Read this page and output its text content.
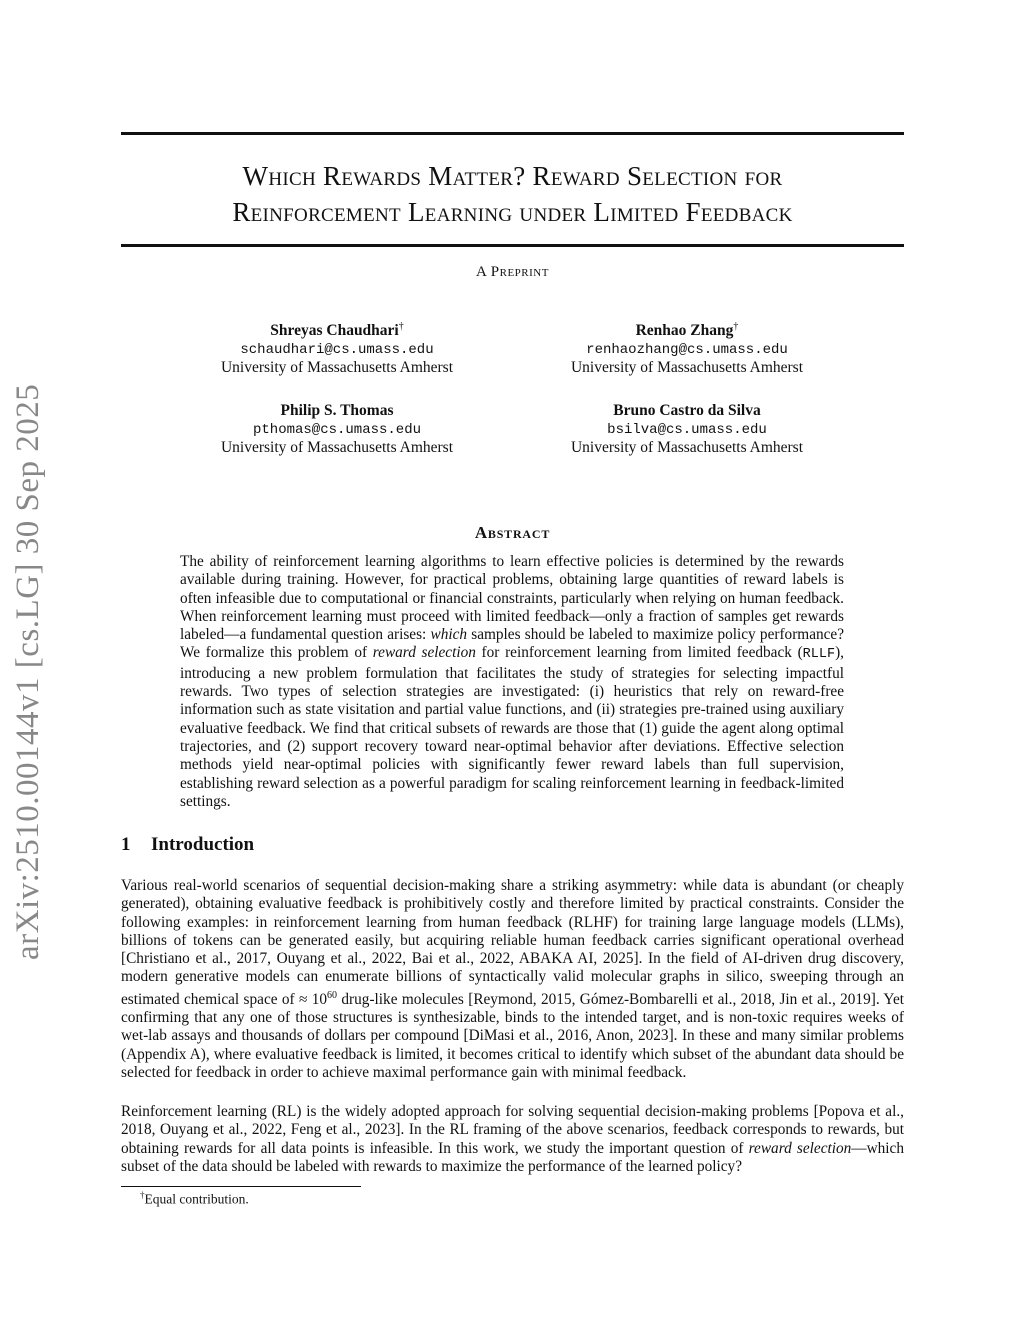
Which Rewards Matter? Reward Selection for
Reinforcement Learning under Limited Feedback
A Preprint
Shreyas Chaudhari†
schaudhari@cs.umass.edu
University of Massachusetts Amherst
Renhao Zhang†
renhaozhang@cs.umass.edu
University of Massachusetts Amherst
Philip S. Thomas
pthomas@cs.umass.edu
University of Massachusetts Amherst
Bruno Castro da Silva
bsilva@cs.umass.edu
University of Massachusetts Amherst
arXiv:2510.00144v1 [cs.LG] 30 Sep 2025	Abstract
The ability of reinforcement learning algorithms to learn effective policies is determined by the rewards available during training. However, for practical problems, obtaining large quantities of reward labels is often infeasible due to computational or financial constraints, particularly when relying on human feedback. When reinforcement learning must proceed with limited feedback—only a fraction of samples get rewards labeled—a fundamental question arises: which samples should be labeled to maximize policy performance? We formalize this problem of reward selection for reinforcement learning from limited feedback (RLLF), introducing a new problem formulation that facilitates the study of strategies for selecting impactful rewards. Two types of selection strategies are investigated: (i) heuristics that rely on reward-free information such as state visitation and partial value functions, and (ii) strategies pre-trained using auxiliary evaluative feedback. We find that critical subsets of rewards are those that (1) guide the agent along optimal trajectories, and (2) support recovery toward near-optimal behavior after deviations. Effective selection methods yield near-optimal policies with significantly fewer reward labels than full supervision, establishing reward selection as a powerful paradigm for scaling reinforcement learning in feedback-limited settings.
1 Introduction
Various real-world scenarios of sequential decision-making share a striking asymmetry: while data is abundant (or cheaply generated), obtaining evaluative feedback is prohibitively costly and therefore limited by practical constraints. Consider the following examples: in reinforcement learning from human feedback (RLHF) for training large language models (LLMs), billions of tokens can be generated easily, but acquiring reliable human feedback carries significant operational overhead [Christiano et al., 2017, Ouyang et al., 2022, Bai et al., 2022, ABAKA AI, 2025]. In the field of AI-driven drug discovery, modern generative models can enumerate billions of syntactically valid molecular graphs in silico, sweeping through an estimated chemical space of ≈ $10^{60}$ drug-like molecules [Reymond, 2015, Gómez-Bombarelli et al., 2018, Jin et al., 2019]. Yet confirming that any one of those structures is synthesizable, binds to the intended target, and is non-toxic requires weeks of wet-lab assays and thousands of dollars per compound [DiMasi et al., 2016, Anon, 2023]. In these and many similar problems (Appendix A), where evaluative feedback is limited, it becomes critical to identify which subset of the abundant data should be selected for feedback in order to achieve maximal performance gain with minimal feedback.
Reinforcement learning (RL) is the widely adopted approach for solving sequential decision-making problems [Popova et al., 2018, Ouyang et al., 2022, Feng et al., 2023]. In the RL framing of the above scenarios, feedback corresponds to rewards, but obtaining rewards for all data points is infeasible. In this work, we study the important question of reward selection—which subset of the data should be labeled with rewards to maximize the performance of the learned policy?
†Equal contribution.
